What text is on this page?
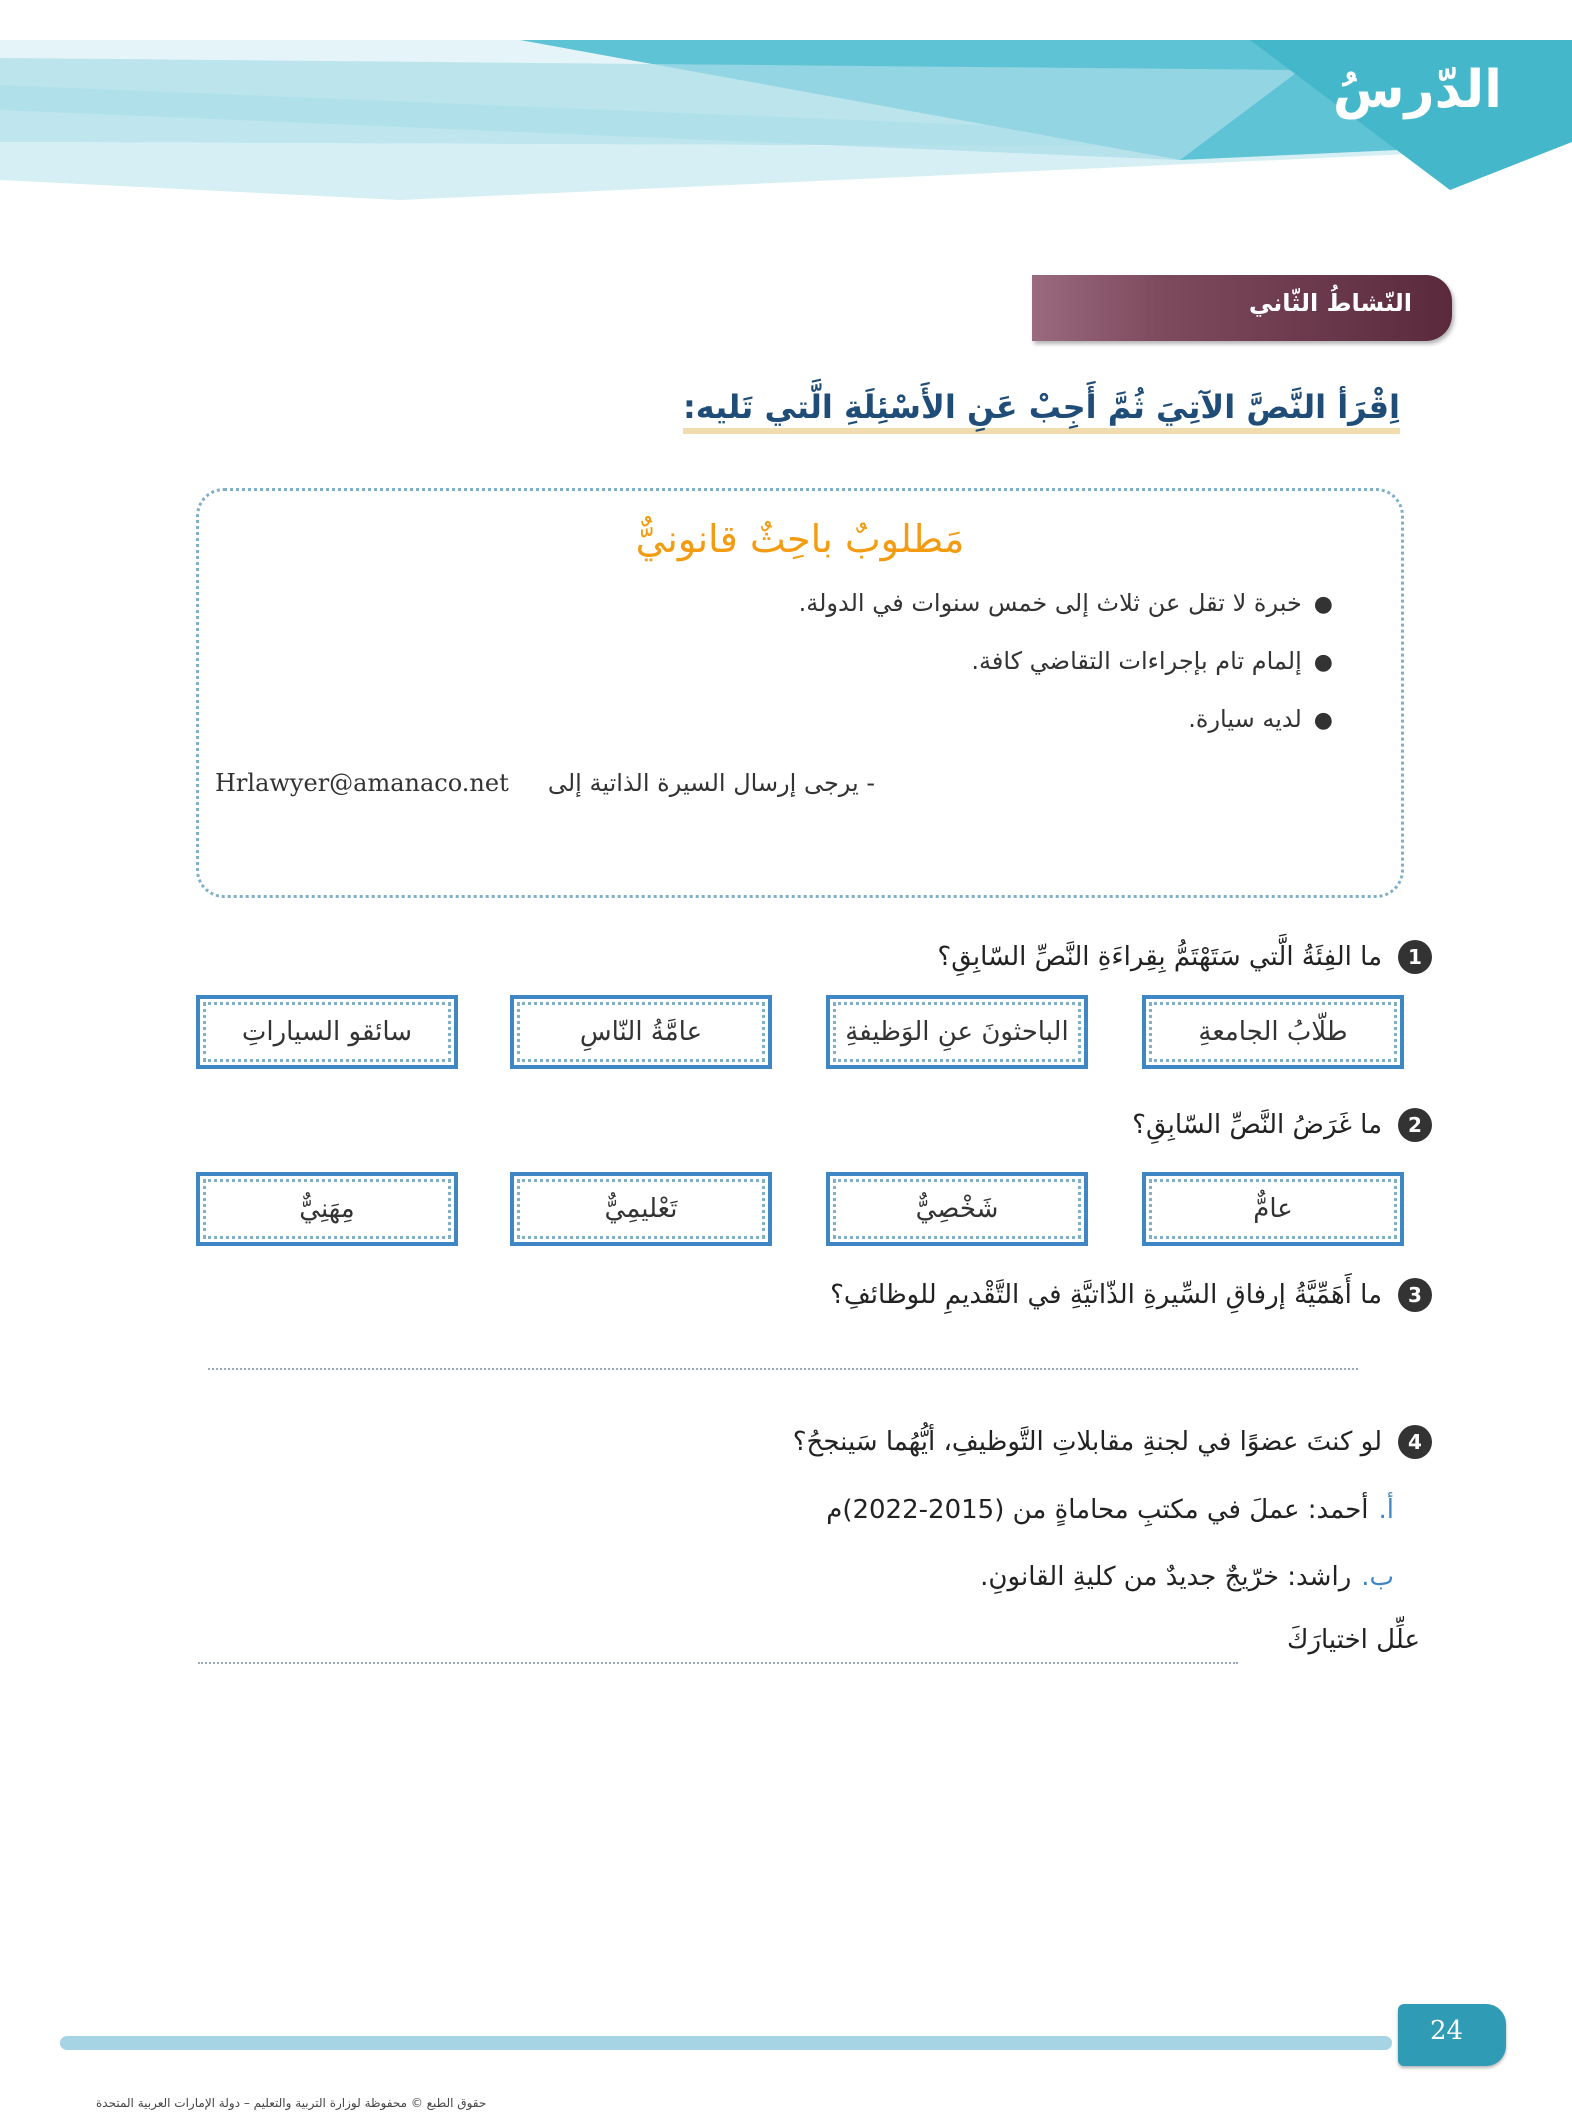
الدّرسُ
النّشاطُ الثّاني
اِقْرَأ النَّصَّ الآتِيَ ثُمَّ أَجِبْ عَنِ الأَسْئِلَةِ الَّتي تَليه:
مَطلوبٌ باحِثٌ قانونيٌّ
●خبرة لا تقل عن ثلاث إلى خمس سنوات في الدولة.
●إلمام تام بإجراءات التقاضي كافة.
●لديه سيارة.
- يرجى إرسال السيرة الذاتية إلى
Hrlawyer@amanaco.net
1
ما الفِئَةُ الَّتي سَتَهْتَمُّ بِقِراءَةِ النَّصِّ السّابِقِ؟
طلّابُ الجامعةِ
الباحثونَ عنِ الوَظيفةِ
عامَّةُ النّاسِ
سائقو السياراتِ
2
ما غَرَضُ النَّصِّ السّابِقِ؟
عامٌّ
شَخْصِيٌّ
تَعْليمِيٌّ
مِهَنِيٌّ
3
ما أَهَمِّيَّةُ إرفاقِ السِّيرةِ الذّاتيَّةِ في التَّقْديمِ للوظائفِ؟
4
لو كنتَ عضوًا في لجنةِ مقابلاتِ التَّوظيفِ، أيُّهُما سَينجحُ؟
أ.أحمد: عملَ في مكتبِ محاماةٍ من (2015-2022)م
ب.راشد: خرّيجٌ جديدٌ من كليةِ القانونِ.
علِّل اختيارَكَ
24
حقوق الطبع © محفوظة لوزارة التربية والتعليم – دولة الإمارات العربية المتحدة
